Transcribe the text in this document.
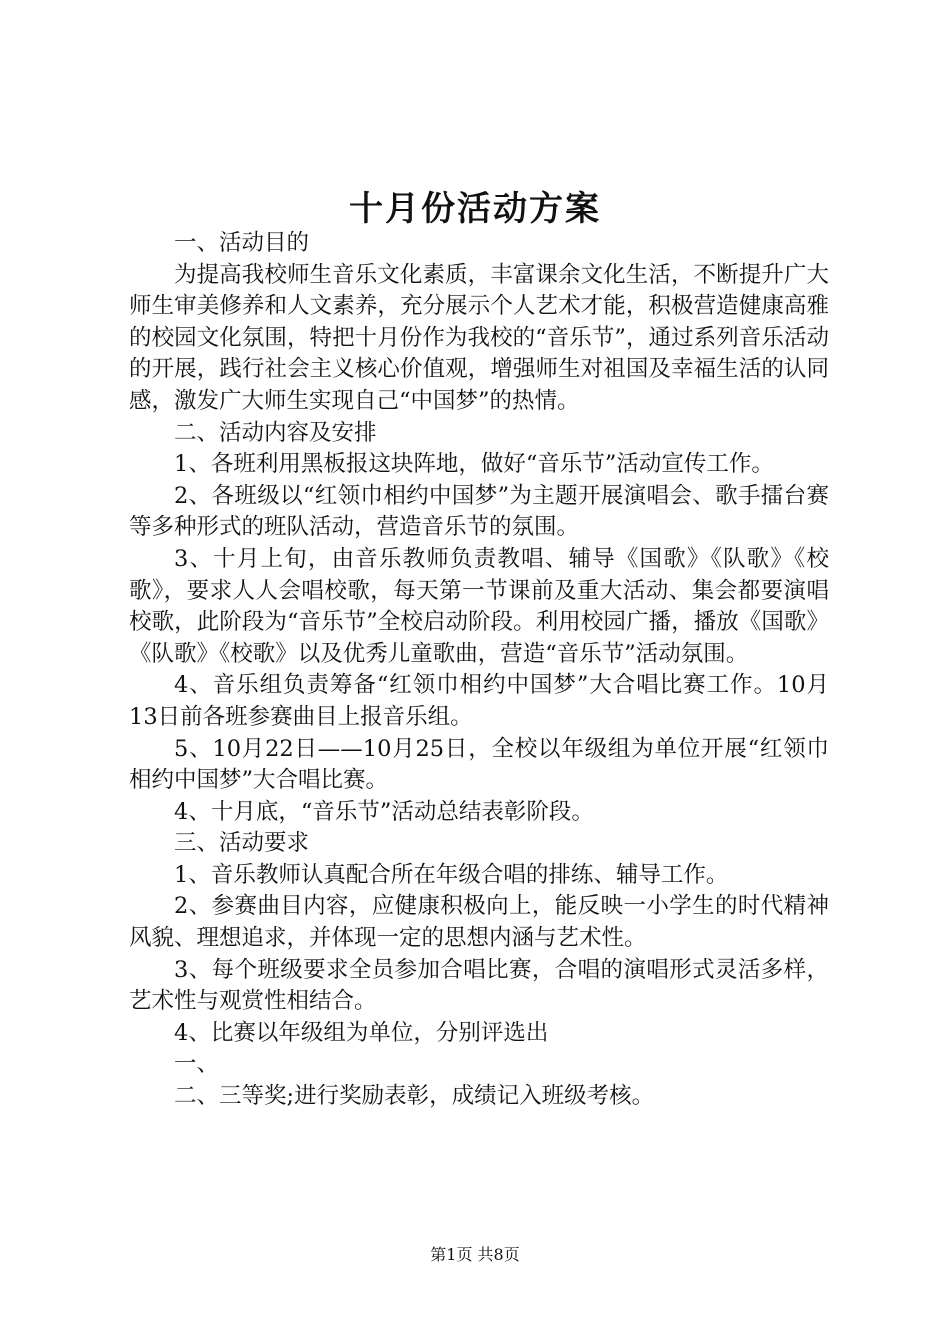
十月份活动方案

一、活动目的

为提高我校师生音乐文化素质，丰富课余文化生活，不断提升广大师生审美修养和人文素养，充分展示个人艺术才能，积极营造健康高雅的校园文化氛围，特把十月份作为我校的“音乐节”，通过系列音乐活动的开展，践行社会主义核心价值观，增强师生对祖国及幸福生活的认同感，激发广大师生实现自己“中国梦”的热情。

二、活动内容及安排

1、各班利用黑板报这块阵地，做好“音乐节”活动宣传工作。

2、各班级以“红领巾相约中国梦”为主题开展演唱会、歌手擂台赛等多种形式的班队活动，营造音乐节的氛围。

3、十月上旬，由音乐教师负责教唱、辅导《国歌》《队歌》《校歌》，要求人人会唱校歌，每天第一节课前及重大活动、集会都要演唱校歌，此阶段为“音乐节”全校启动阶段。利用校园广播，播放《国歌》《队歌》《校歌》以及优秀儿童歌曲，营造“音乐节”活动氛围。

4、音乐组负责筹备“红领巾相约中国梦”大合唱比赛工作。10月13日前各班参赛曲目上报音乐组。

5、10月22日——10月25日，全校以年级组为单位开展“红领巾相约中国梦”大合唱比赛。

4、十月底，“音乐节”活动总结表彰阶段。

三、活动要求

1、音乐教师认真配合所在年级合唱的排练、辅导工作。

2、参赛曲目内容，应健康积极向上，能反映一小学生的时代精神风貌、理想追求，并体现一定的思想内涵与艺术性。

3、每个班级要求全员参加合唱比赛，合唱的演唱形式灵活多样，艺术性与观赏性相结合。

4、比赛以年级组为单位，分别评选出

一、

二、三等奖;进行奖励表彰，成绩记入班级考核。

第1页 共8页
